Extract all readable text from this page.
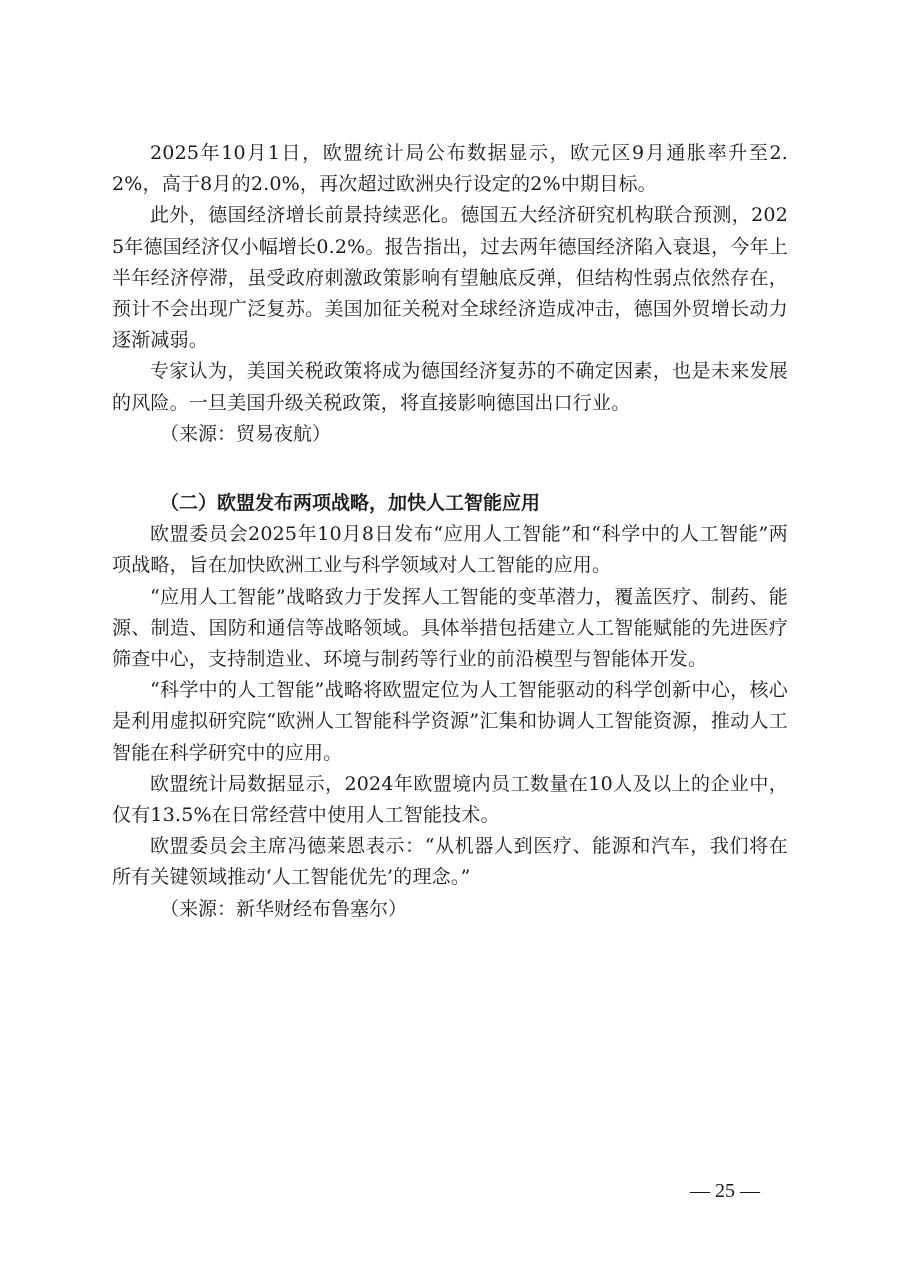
2025年10月1日，欧盟统计局公布数据显示，欧元区9月通胀率升至2.2%，高于8月的2.0%，再次超过欧洲央行设定的2%中期目标。

此外，德国经济增长前景持续恶化。德国五大经济研究机构联合预测，2025年德国经济仅小幅增长0.2%。报告指出，过去两年德国经济陷入衰退，今年上半年经济停滞，虽受政府刺激政策影响有望触底反弹，但结构性弱点依然存在，预计不会出现广泛复苏。美国加征关税对全球经济造成冲击，德国外贸增长动力逐渐减弱。

专家认为，美国关税政策将成为德国经济复苏的不确定因素，也是未来发展的风险。一旦美国升级关税政策，将直接影响德国出口行业。

（来源：贸易夜航）

（二）欧盟发布两项战略，加快人工智能应用

欧盟委员会2025年10月8日发布“应用人工智能”和“科学中的人工智能”两项战略，旨在加快欧洲工业与科学领域对人工智能的应用。

“应用人工智能”战略致力于发挥人工智能的变革潜力，覆盖医疗、制药、能源、制造、国防和通信等战略领域。具体举措包括建立人工智能赋能的先进医疗筛查中心，支持制造业、环境与制药等行业的前沿模型与智能体开发。

“科学中的人工智能”战略将欧盟定位为人工智能驱动的科学创新中心，核心是利用虚拟研究院“欧洲人工智能科学资源”汇集和协调人工智能资源，推动人工智能在科学研究中的应用。

欧盟统计局数据显示，2024年欧盟境内员工数量在10人及以上的企业中，仅有13.5%在日常经营中使用人工智能技术。

欧盟委员会主席冯德莱恩表示：“从机器人到医疗、能源和汽车，我们将在所有关键领域推动‘人工智能优先’的理念。”

（来源：新华财经布鲁塞尔）

— 25 —
